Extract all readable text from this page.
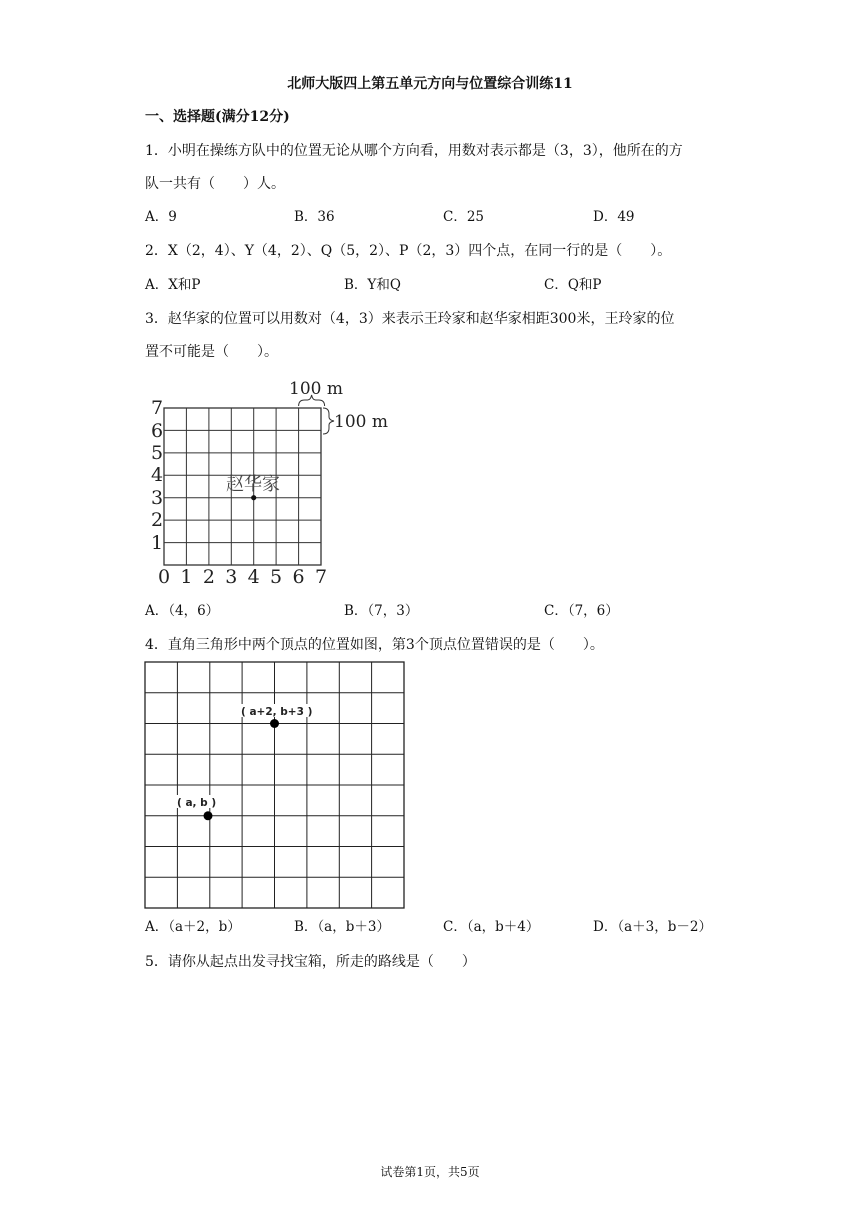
北师大版四上第五单元方向与位置综合训练11
一、选择题(满分12分)
1．小明在操练方队中的位置无论从哪个方向看，用数对表示都是（3，3），他所在的方
队一共有（　　）人。
A．9	B．36	C．25	D．49
2．X（2，4）、Y（4，2）、Q（5，2）、P（2，3）四个点，在同一行的是（　　）。
A．X和P	B．Y和Q	C．Q和P
3．赵华家的位置可以用数对（4，3）来表示王玲家和赵华家相距300米，王玲家的位
置不可能是（　　）。
100 m
100 m
赵华家
1
2
3
4
5
6
7
0 1 2 3 4 5 6 7
A．（4，6）	B．（7，3）	C．（7，6）
4．直角三角形中两个顶点的位置如图，第3个顶点位置错误的是（　　）。
( a+2, b+3 )
( a, b )
A．（a＋2，b）	B．（a，b＋3）	C．（a，b＋4）	D．（a＋3，b－2）
5．请你从起点出发寻找宝箱，所走的路线是（　　）
试卷第1页，共5页
